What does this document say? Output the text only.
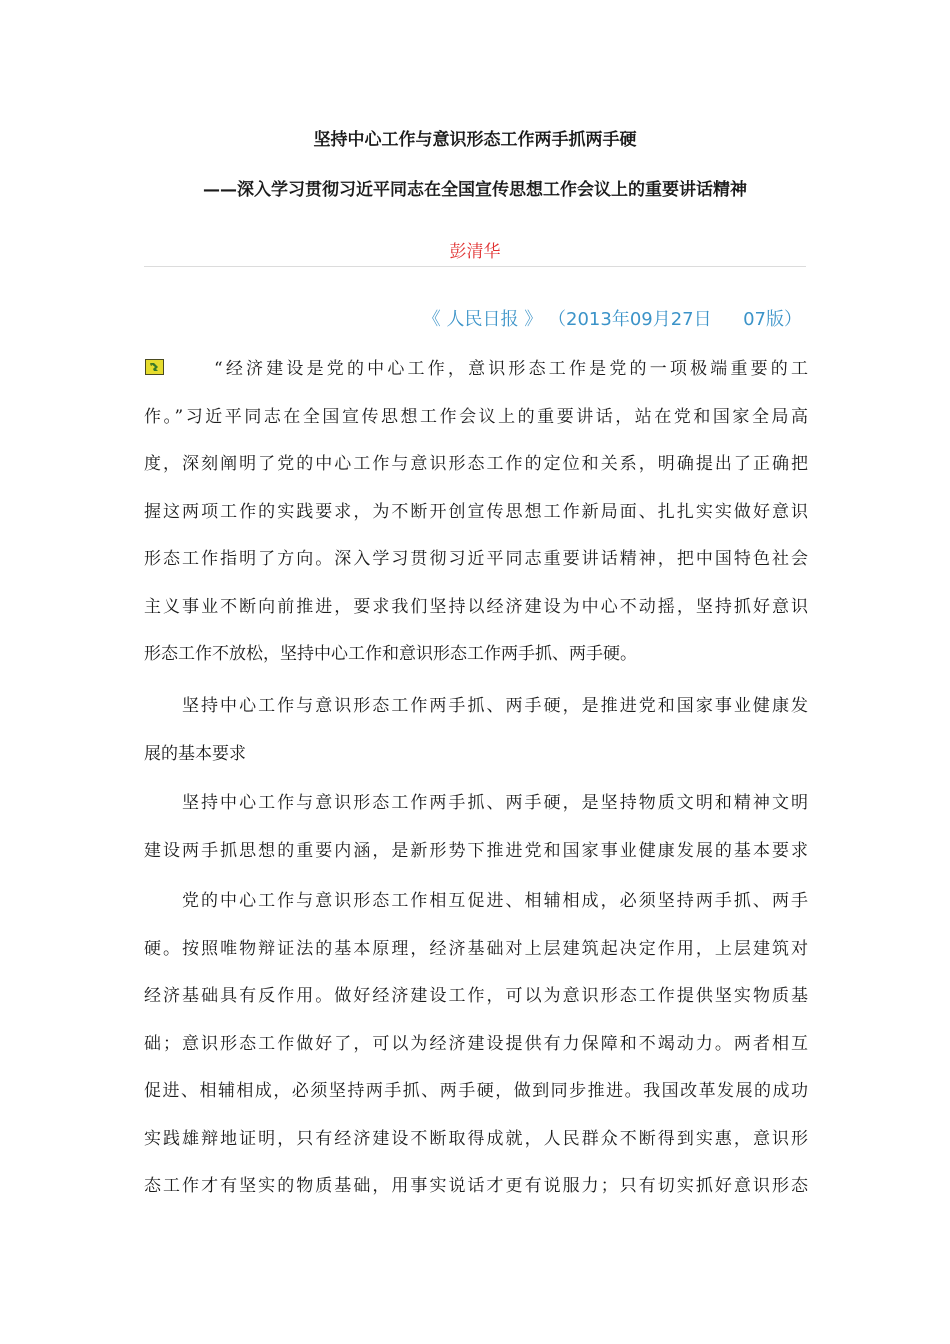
坚持中心工作与意识形态工作两手抓两手硬
——深入学习贯彻习近平同志在全国宣传思想工作会议上的重要讲话精神
彭清华
《 人民日报 》 （2013年09月27日 07版）
“经济建设是党的中心工作，意识形态工作是党的一项极端重要的工
作。”习近平同志在全国宣传思想工作会议上的重要讲话，站在党和国家全局高
度，深刻阐明了党的中心工作与意识形态工作的定位和关系，明确提出了正确把
握这两项工作的实践要求，为不断开创宣传思想工作新局面、扎扎实实做好意识
形态工作指明了方向。深入学习贯彻习近平同志重要讲话精神，把中国特色社会
主义事业不断向前推进，要求我们坚持以经济建设为中心不动摇，坚持抓好意识
形态工作不放松，坚持中心工作和意识形态工作两手抓、两手硬。
坚持中心工作与意识形态工作两手抓、两手硬，是推进党和国家事业健康发
展的基本要求
坚持中心工作与意识形态工作两手抓、两手硬，是坚持物质文明和精神文明
建设两手抓思想的重要内涵，是新形势下推进党和国家事业健康发展的基本要求
党的中心工作与意识形态工作相互促进、相辅相成，必须坚持两手抓、两手
硬。按照唯物辩证法的基本原理，经济基础对上层建筑起决定作用，上层建筑对
经济基础具有反作用。做好经济建设工作，可以为意识形态工作提供坚实物质基
础；意识形态工作做好了，可以为经济建设提供有力保障和不竭动力。两者相互
促进、相辅相成，必须坚持两手抓、两手硬，做到同步推进。我国改革发展的成功
实践雄辩地证明，只有经济建设不断取得成就，人民群众不断得到实惠，意识形
态工作才有坚实的物质基础，用事实说话才更有说服力；只有切实抓好意识形态
